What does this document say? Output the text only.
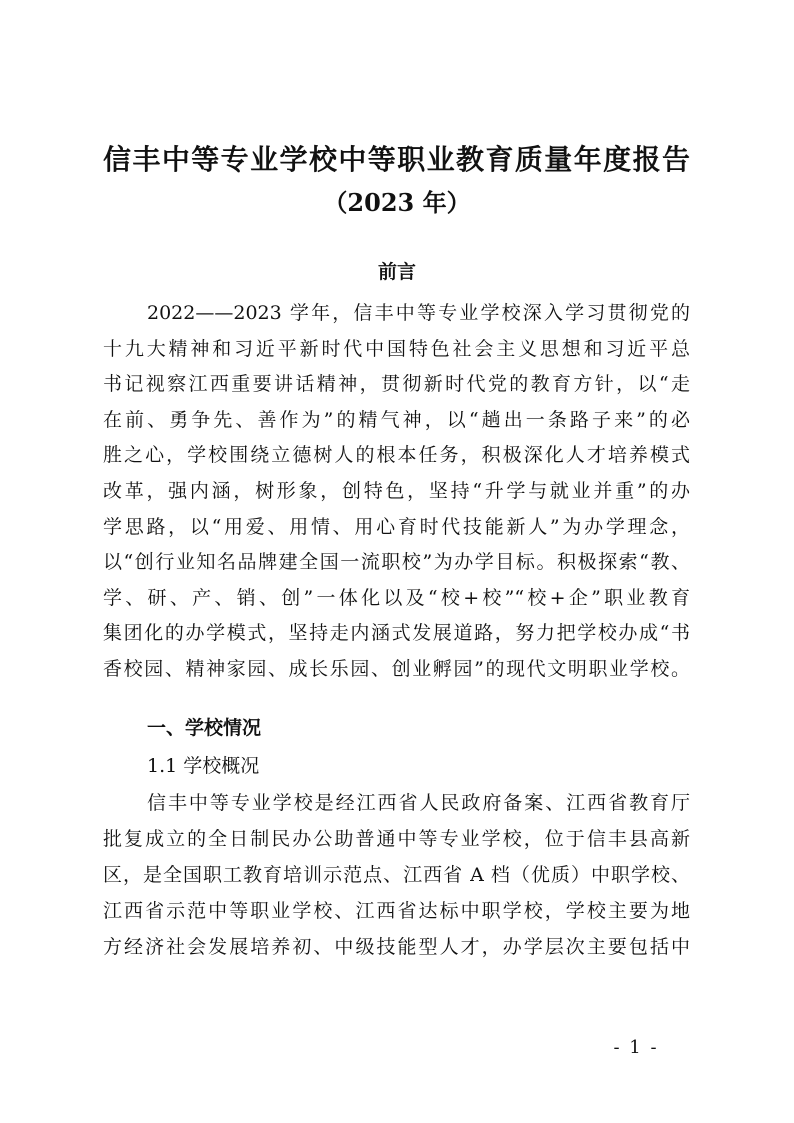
信丰中等专业学校中等职业教育质量年度报告
（2023 年）
前言
2022——2023 学年，信丰中等专业学校深入学习贯彻党的
十九大精神和习近平新时代中国特色社会主义思想和习近平总
书记视察江西重要讲话精神，贯彻新时代党的教育方针，以“走
在前、勇争先、善作为”的精气神，以“趟出一条路子来”的必
胜之心，学校围绕立德树人的根本任务，积极深化人才培养模式
改革，强内涵，树形象，创特色，坚持“升学与就业并重”的办
学思路，以“用爱、用情、用心育时代技能新人”为办学理念，
以“创行业知名品牌建全国一流职校”为办学目标。积极探索“教、
学、研、产、销、创”一体化以及“校+校”“校+企”职业教育
集团化的办学模式，坚持走内涵式发展道路，努力把学校办成“书
香校园、精神家园、成长乐园、创业孵园”的现代文明职业学校。
一、学校情况
1.1 学校概况
信丰中等专业学校是经江西省人民政府备案、江西省教育厅
批复成立的全日制民办公助普通中等专业学校，位于信丰县高新
区，是全国职工教育培训示范点、江西省 A 档（优质）中职学校、
江西省示范中等职业学校、江西省达标中职学校，学校主要为地
方经济社会发展培养初、中级技能型人才，办学层次主要包括中
- 1 -
